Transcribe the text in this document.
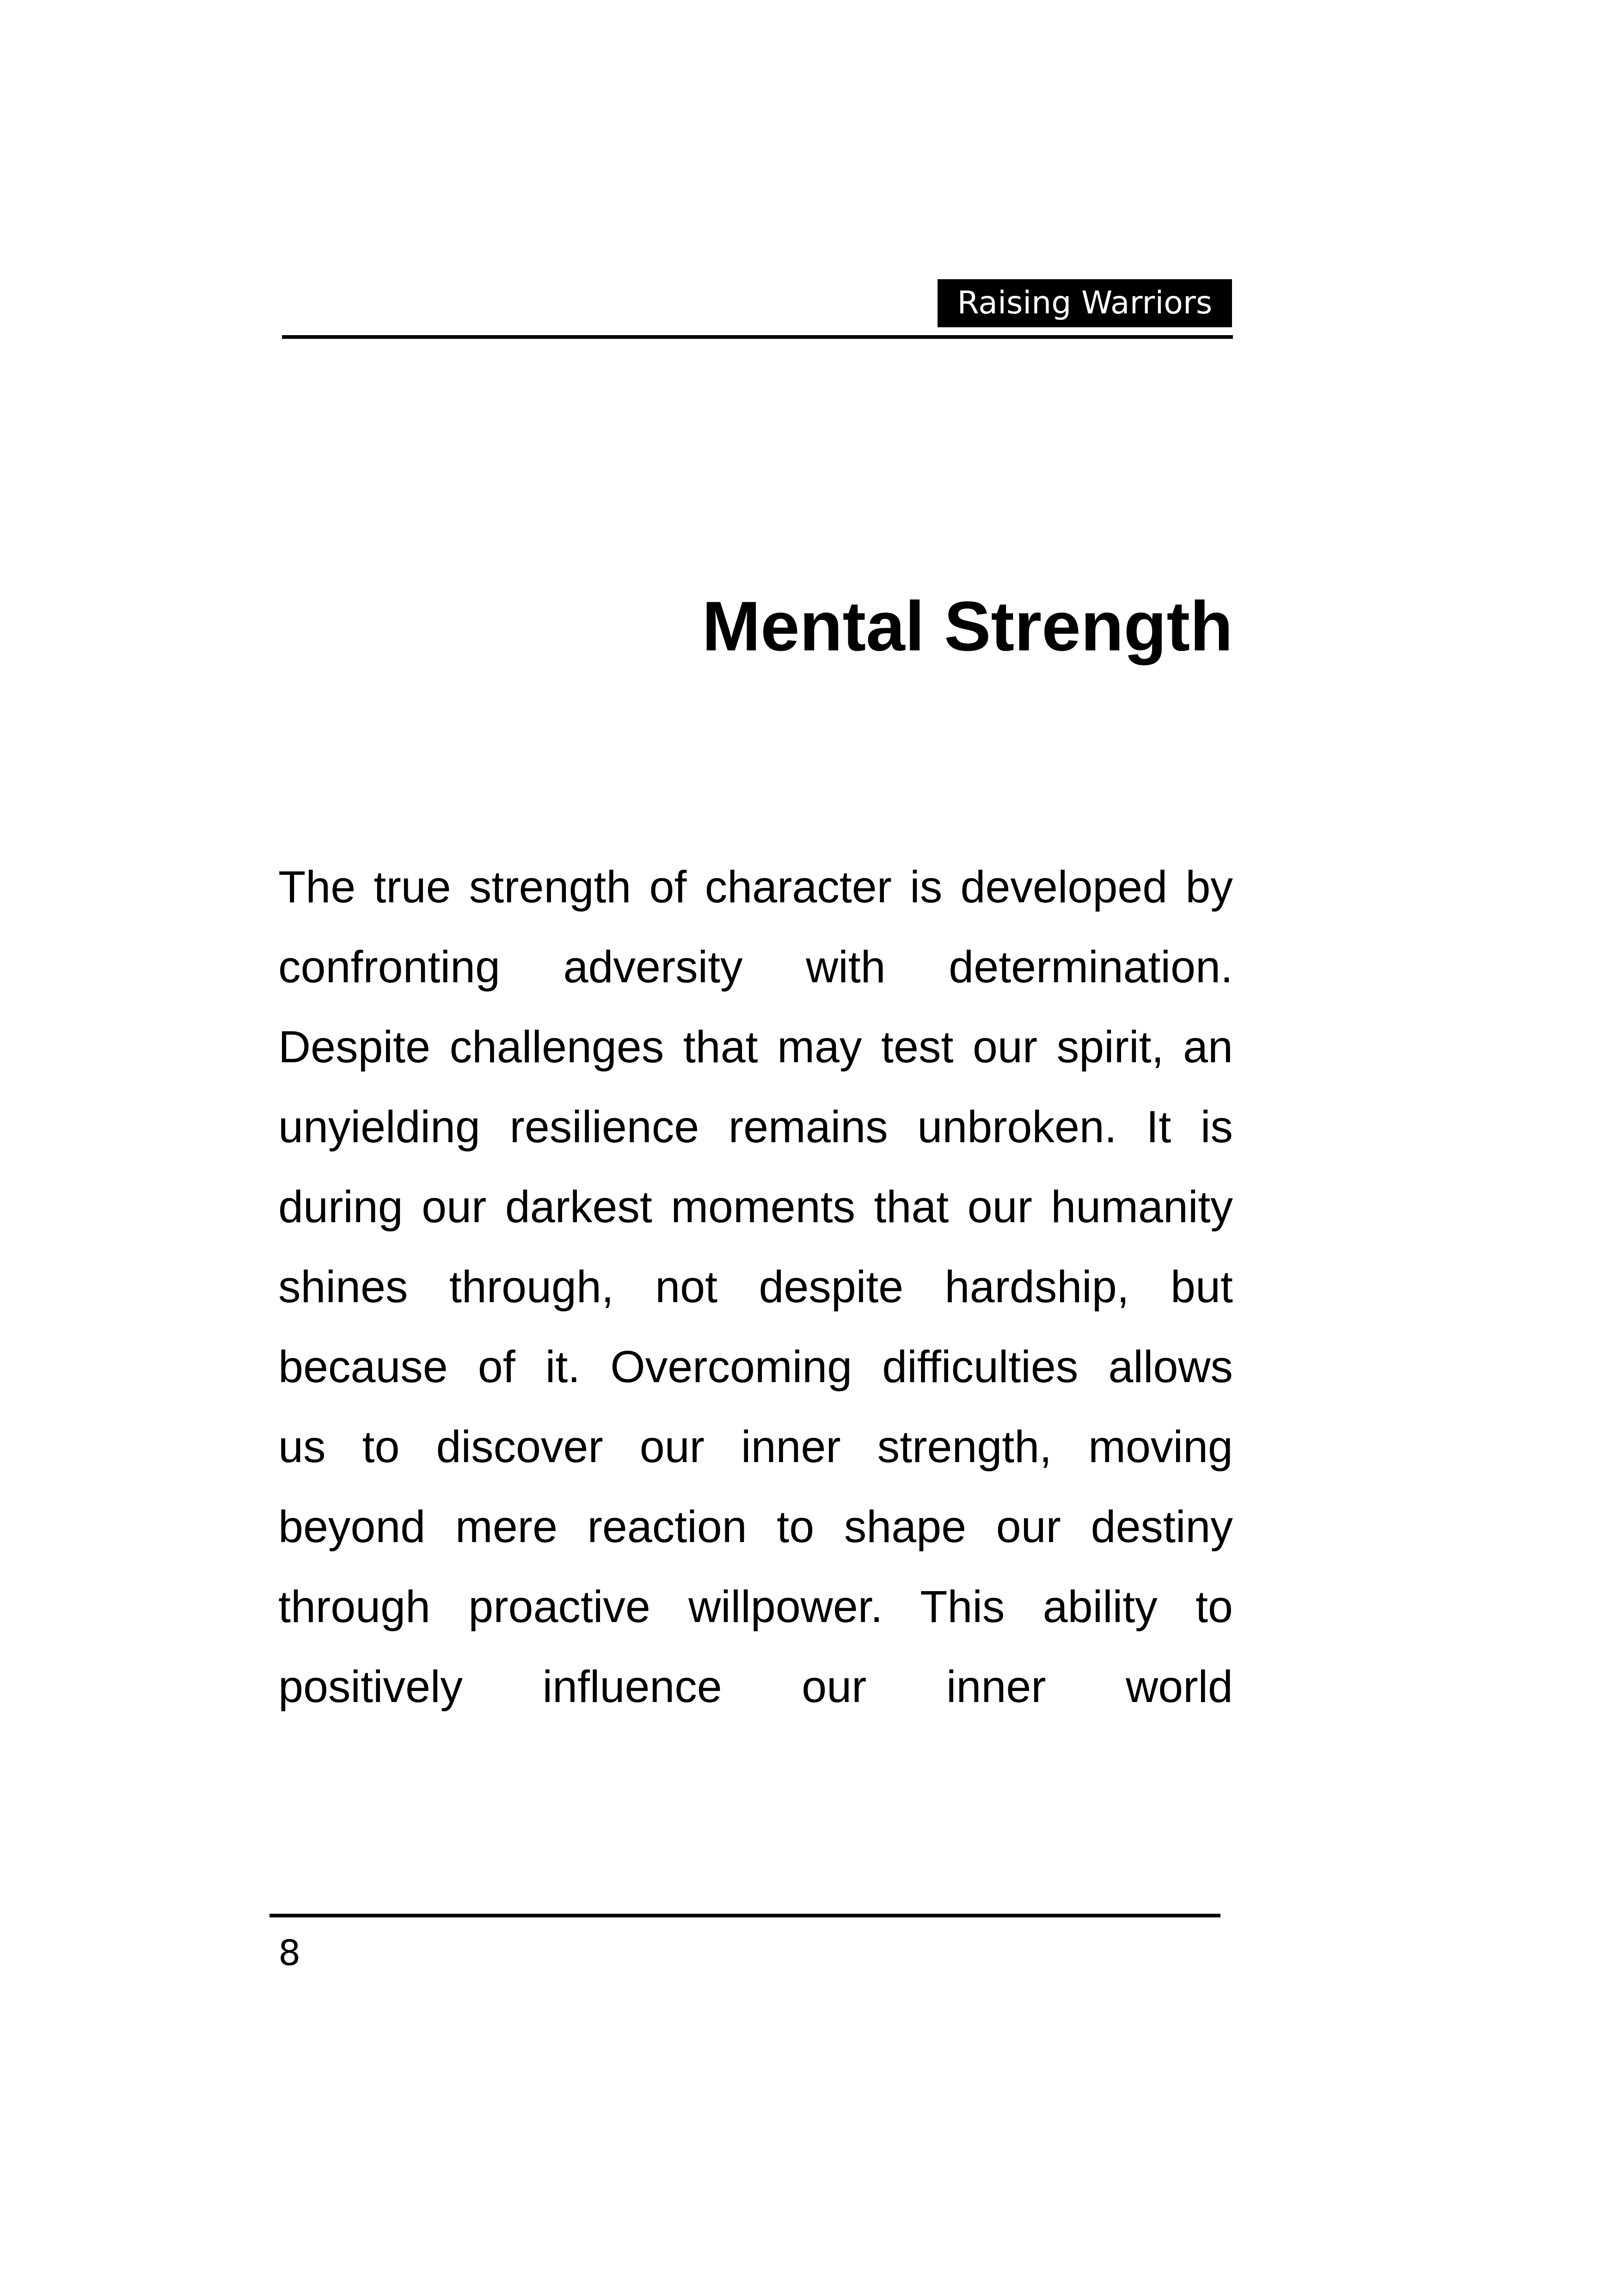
Raising Warriors
Mental Strength
The true strength of character is developed by
confronting adversity with determination.
Despite challenges that may test our spirit, an
unyielding resilience remains unbroken. It is
during our darkest moments that our humanity
shines through, not despite hardship, but
because of it. Overcoming difficulties allows
us to discover our inner strength, moving
beyond mere reaction to shape our destiny
through proactive willpower. This ability to
positively influence our inner world
8
